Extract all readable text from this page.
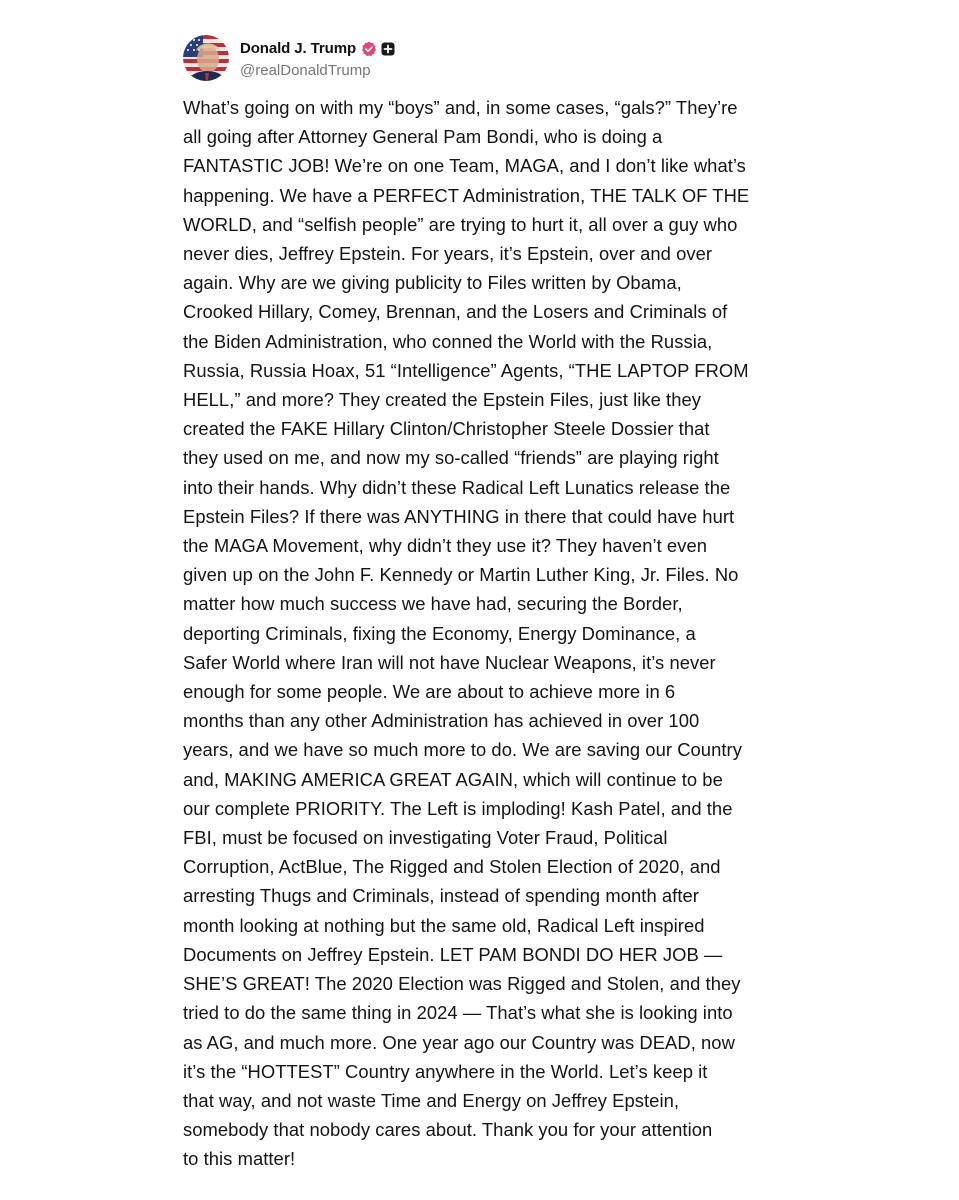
Donald J. Trump
@realDonaldTrump
What’s going on with my “boys” and, in some cases, “gals?” They’re
all going after Attorney General Pam Bondi, who is doing a
FANTASTIC JOB! We’re on one Team, MAGA, and I don’t like what’s
happening. We have a PERFECT Administration, THE TALK OF THE
WORLD, and “selfish people” are trying to hurt it, all over a guy who
never dies, Jeffrey Epstein. For years, it’s Epstein, over and over
again. Why are we giving publicity to Files written by Obama,
Crooked Hillary, Comey, Brennan, and the Losers and Criminals of
the Biden Administration, who conned the World with the Russia,
Russia, Russia Hoax, 51 “Intelligence” Agents, “THE LAPTOP FROM
HELL,” and more? They created the Epstein Files, just like they
created the FAKE Hillary Clinton/Christopher Steele Dossier that
they used on me, and now my so-called “friends” are playing right
into their hands. Why didn’t these Radical Left Lunatics release the
Epstein Files? If there was ANYTHING in there that could have hurt
the MAGA Movement, why didn’t they use it? They haven’t even
given up on the John F. Kennedy or Martin Luther King, Jr. Files. No
matter how much success we have had, securing the Border,
deporting Criminals, fixing the Economy, Energy Dominance, a
Safer World where Iran will not have Nuclear Weapons, it’s never
enough for some people. We are about to achieve more in 6
months than any other Administration has achieved in over 100
years, and we have so much more to do. We are saving our Country
and, MAKING AMERICA GREAT AGAIN, which will continue to be
our complete PRIORITY. The Left is imploding! Kash Patel, and the
FBI, must be focused on investigating Voter Fraud, Political
Corruption, ActBlue, The Rigged and Stolen Election of 2020, and
arresting Thugs and Criminals, instead of spending month after
month looking at nothing but the same old, Radical Left inspired
Documents on Jeffrey Epstein. LET PAM BONDI DO HER JOB —
SHE’S GREAT! The 2020 Election was Rigged and Stolen, and they
tried to do the same thing in 2024 — That’s what she is looking into
as AG, and much more. One year ago our Country was DEAD, now
it’s the “HOTTEST” Country anywhere in the World. Let’s keep it
that way, and not waste Time and Energy on Jeffrey Epstein,
somebody that nobody cares about. Thank you for your attention
to this matter!
